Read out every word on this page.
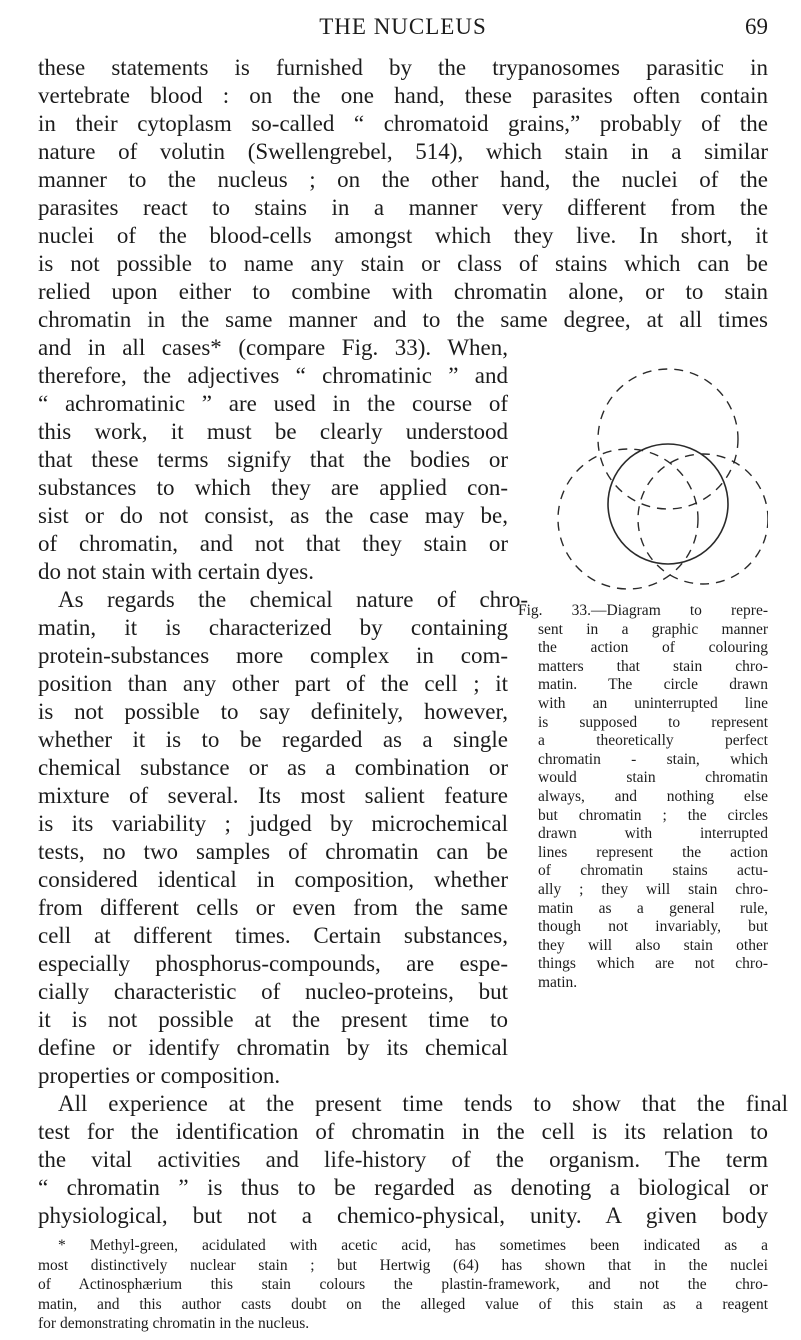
THE NUCLEUS	69
these statements is furnished by the trypanosomes parasitic in
vertebrate blood : on the one hand, these parasites often contain
in their cytoplasm so-called “ chromatoid grains,” probably of the
nature of volutin (Swellengrebel, 514), which stain in a similar
manner to the nucleus ; on the other hand, the nuclei of the
parasites react to stains in a manner very different from the
nuclei of the blood-cells amongst which they live. In short, it
is not possible to name any stain or class of stains which can be
relied upon either to combine with chromatin alone, or to stain
chromatin in the same manner and to the same degree, at all times
and in all cases* (compare Fig. 33). When,
therefore, the adjectives “ chromatinic ” and
“ achromatinic ” are used in the course of
this work, it must be clearly understood
that these terms signify that the bodies or
substances to which they are applied con-
sist or do not consist, as the case may be,
of chromatin, and not that they stain or
do not stain with certain dyes.
As regards the chemical nature of chro-
matin, it is characterized by containing
protein-substances more complex in com-
position than any other part of the cell ; it
is not possible to say definitely, however,
whether it is to be regarded as a single
chemical substance or as a combination or
mixture of several. Its most salient feature
is its variability ; judged by microchemical
tests, no two samples of chromatin can be
considered identical in composition, whether
from different cells or even from the same
cell at different times. Certain substances,
especially phosphorus-compounds, are espe-
cially characteristic of nucleo-proteins, but
it is not possible at the present time to
define or identify chromatin by its chemical
properties or composition.
All experience at the present time tends to show that the final
test for the identification of chromatin in the cell is its relation to
the vital activities and life-history of the organism. The term
“ chromatin ” is thus to be regarded as denoting a biological or
physiological, but not a chemico-physical, unity. A given body
* Methyl-green, acidulated with acetic acid, has sometimes been indicated as a
most distinctively nuclear stain ; but Hertwig (64) has shown that in the nuclei
of Actinosphærium this stain colours the plastin-framework, and not the chro-
matin, and this author casts doubt on the alleged value of this stain as a reagent
for demonstrating chromatin in the nucleus.
Fig. 33.—Diagram to repre-
sent in a graphic manner
the action of colouring
matters that stain chro-
matin. The circle drawn
with an uninterrupted line
is supposed to represent
a theoretically perfect
chromatin - stain, which
would stain chromatin
always, and nothing else
but chromatin ; the circles
drawn with interrupted
lines represent the action
of chromatin stains actu-
ally ; they will stain chro-
matin as a general rule,
though not invariably, but
they will also stain other
things which are not chro-
matin.
